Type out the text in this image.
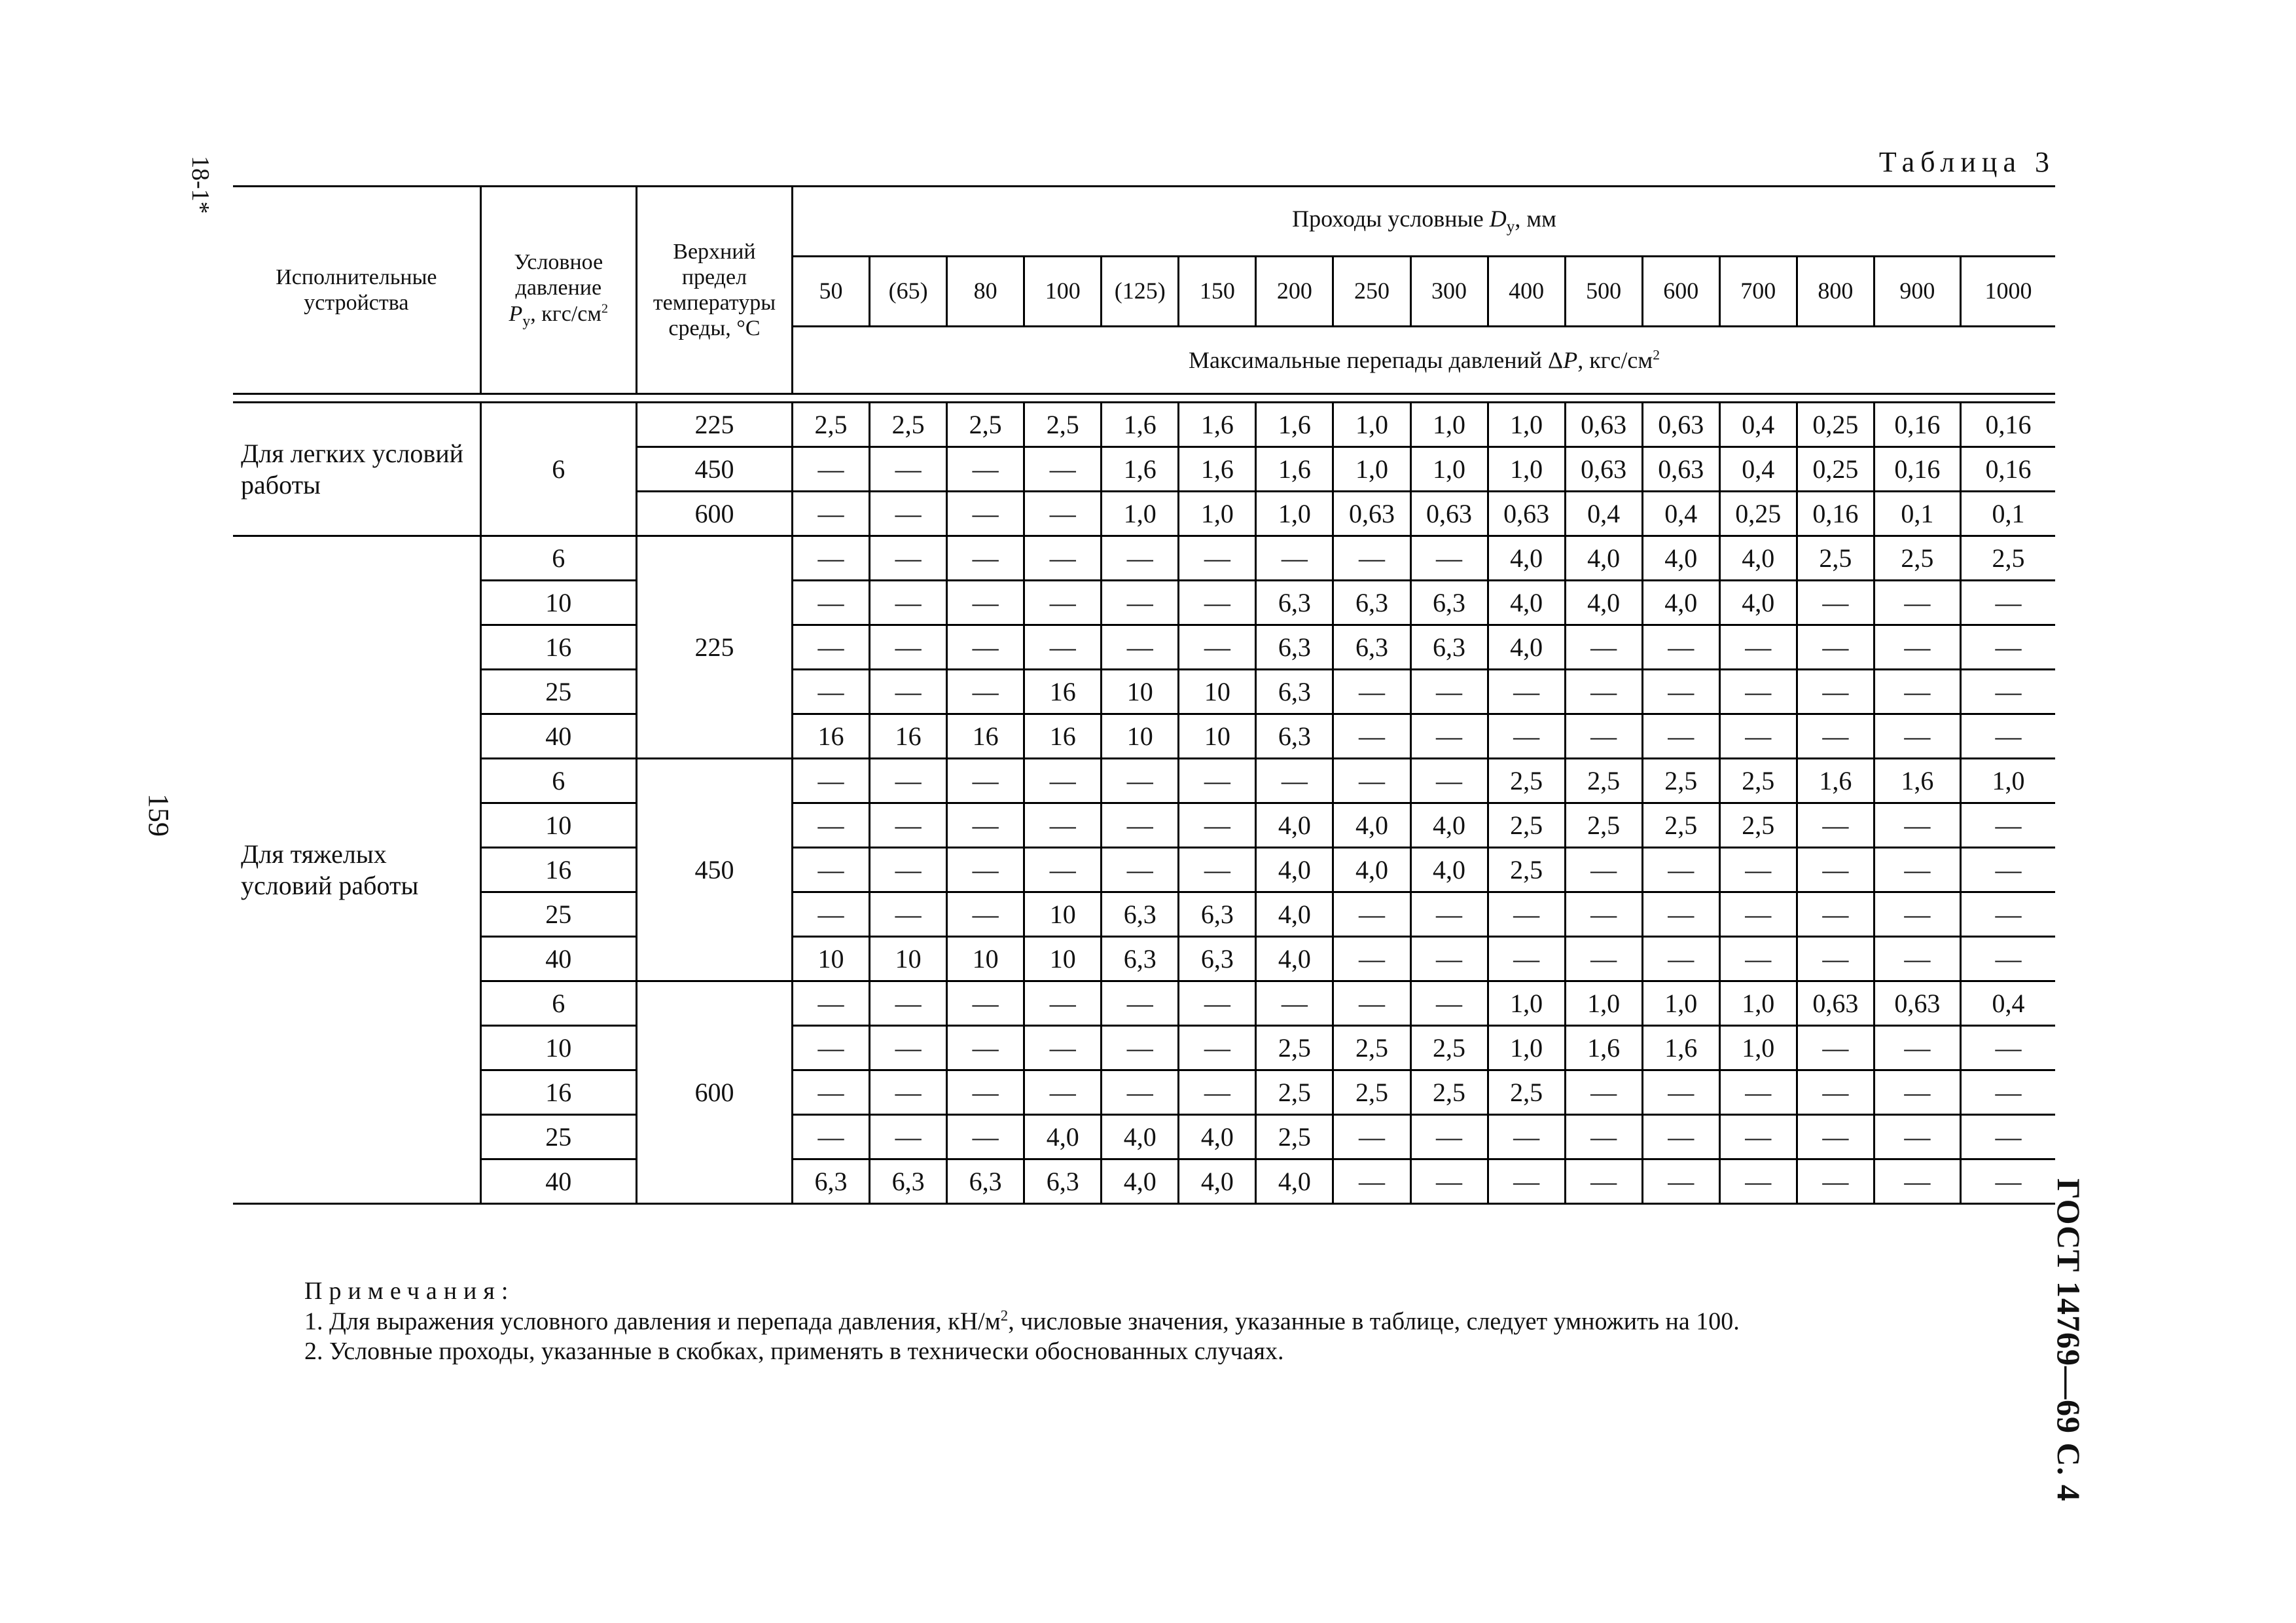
18-1*
159
ГОСТ 14769—69 С. 4
Таблица 3
Исполнительные устройства	Условное
давление
$P_у$, кгс/$см^2$	Верхний предел температуры среды, °С	Проходы условные $D_у$, мм															
			50	(65)	80	100	(125)	150	200	250	300	400	500	600	700	800	900	1000
			Максимальные перепады давлений ΔP, кгс/$см^2$

Для легких условий работы	6	225	2,5	2,5	2,5	2,5	1,6	1,6	1,6	1,0	1,0	1,0	0,63	0,63	0,4	0,25	0,16	0,16
		450	—	—	—	—	1,6	1,6	1,6	1,0	1,0	1,0	0,63	0,63	0,4	0,25	0,16	0,16
		600	—	—	—	—	1,0	1,0	1,0	0,63	0,63	0,63	0,4	0,4	0,25	0,16	0,1	0,1
Для тяжелых условий работы	6	225	—	—	—	—	—	—	—	—	—	4,0	4,0	4,0	4,0	2,5	2,5	2,5
	10		—	—	—	—	—	—	6,3	6,3	6,3	4,0	4,0	4,0	4,0	—	—	—
	16		—	—	—	—	—	—	6,3	6,3	6,3	4,0	—	—	—	—	—	—
	25		—	—	—	16	10	10	6,3	—	—	—	—	—	—	—	—	—
	40		16	16	16	16	10	10	6,3	—	—	—	—	—	—	—	—	—
	6	450	—	—	—	—	—	—	—	—	—	2,5	2,5	2,5	2,5	1,6	1,6	1,0
	10		—	—	—	—	—	—	4,0	4,0	4,0	2,5	2,5	2,5	2,5	—	—	—
	16		—	—	—	—	—	—	4,0	4,0	4,0	2,5	—	—	—	—	—	—
	25		—	—	—	10	6,3	6,3	4,0	—	—	—	—	—	—	—	—	—
	40		10	10	10	10	6,3	6,3	4,0	—	—	—	—	—	—	—	—	—
	6	600	—	—	—	—	—	—	—	—	—	1,0	1,0	1,0	1,0	0,63	0,63	0,4
	10		—	—	—	—	—	—	2,5	2,5	2,5	1,0	1,6	1,6	1,0	—	—	—
	16		—	—	—	—	—	—	2,5	2,5	2,5	2,5	—	—	—	—	—	—
	25		—	—	—	4,0	4,0	4,0	2,5	—	—	—	—	—	—	—	—	—
	40		6,3	6,3	6,3	6,3	4,0	4,0	4,0	—	—	—	—	—	—	—	—	—
Примечания:
1. Для выражения условного давления и перепада давления, $кН/м^2$, числовые значения, указанные в таблице, следует умножить на 100.
2. Условные проходы, указанные в скобках, применять в технически обоснованных случаях.
